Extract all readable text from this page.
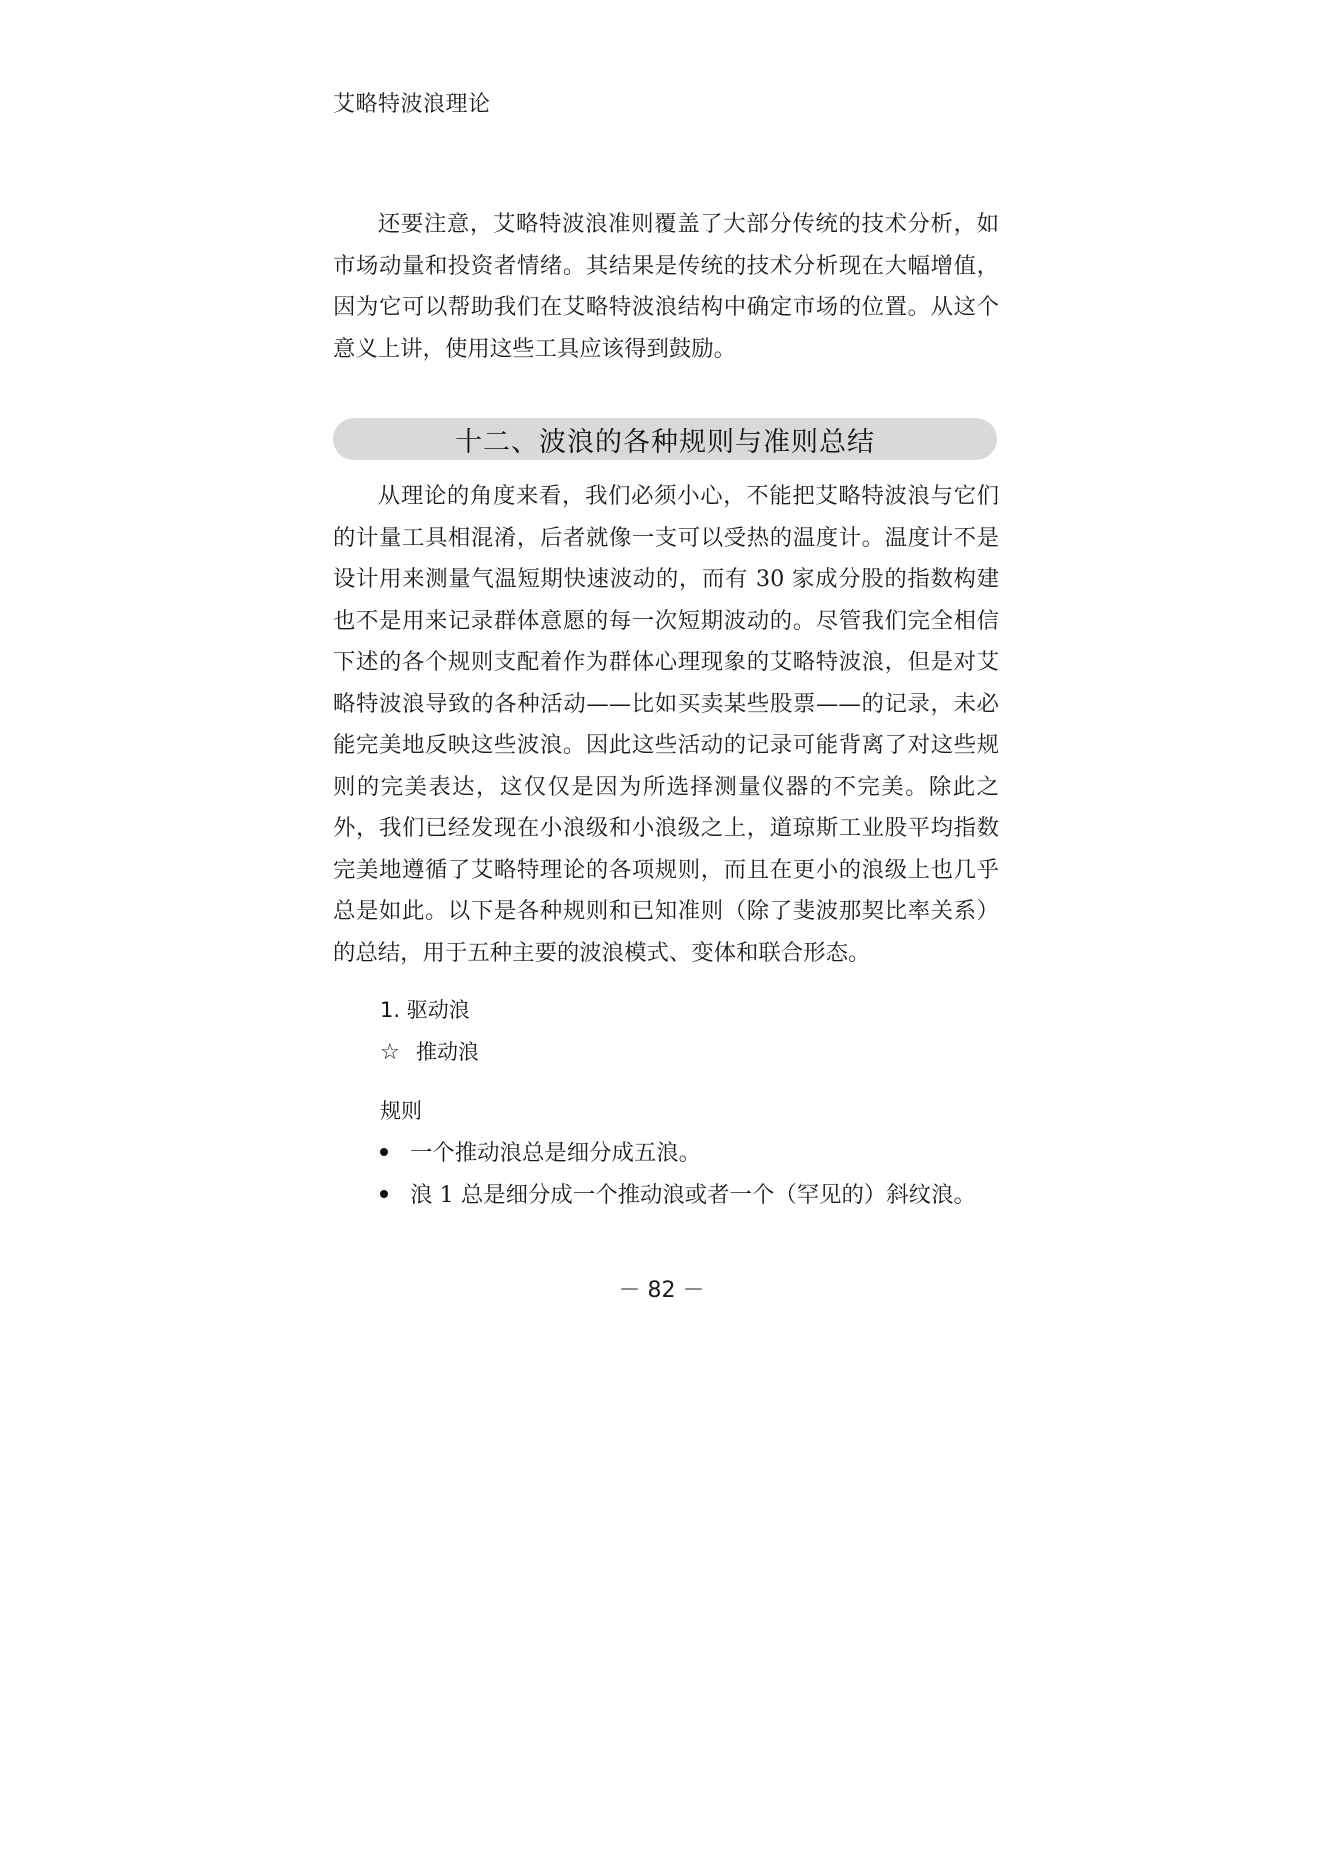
艾略特波浪理论

还要注意，艾略特波浪准则覆盖了大部分传统的技术分析，如市场动量和投资者情绪。其结果是传统的技术分析现在大幅增值，因为它可以帮助我们在艾略特波浪结构中确定市场的位置。从这个意义上讲，使用这些工具应该得到鼓励。

十二、波浪的各种规则与准则总结

从理论的角度来看，我们必须小心，不能把艾略特波浪与它们的计量工具相混淆，后者就像一支可以受热的温度计。温度计不是设计用来测量气温短期快速波动的，而有 30 家成分股的指数构建也不是用来记录群体意愿的每一次短期波动的。尽管我们完全相信下述的各个规则支配着作为群体心理现象的艾略特波浪，但是对艾略特波浪导致的各种活动——比如买卖某些股票——的记录，未必能完美地反映这些波浪。因此这些活动的记录可能背离了对这些规则的完美表达，这仅仅是因为所选择测量仪器的不完美。除此之外，我们已经发现在小浪级和小浪级之上，道琼斯工业股平均指数完美地遵循了艾略特理论的各项规则，而且在更小的浪级上也几乎总是如此。以下是各种规则和已知准则（除了斐波那契比率关系）的总结，用于五种主要的波浪模式、变体和联合形态。

1. 驱动浪
☆ 推动浪
规则
一个推动浪总是细分成五浪。
浪 1 总是细分成一个推动浪或者一个（罕见的）斜纹浪。
－ 82 －
